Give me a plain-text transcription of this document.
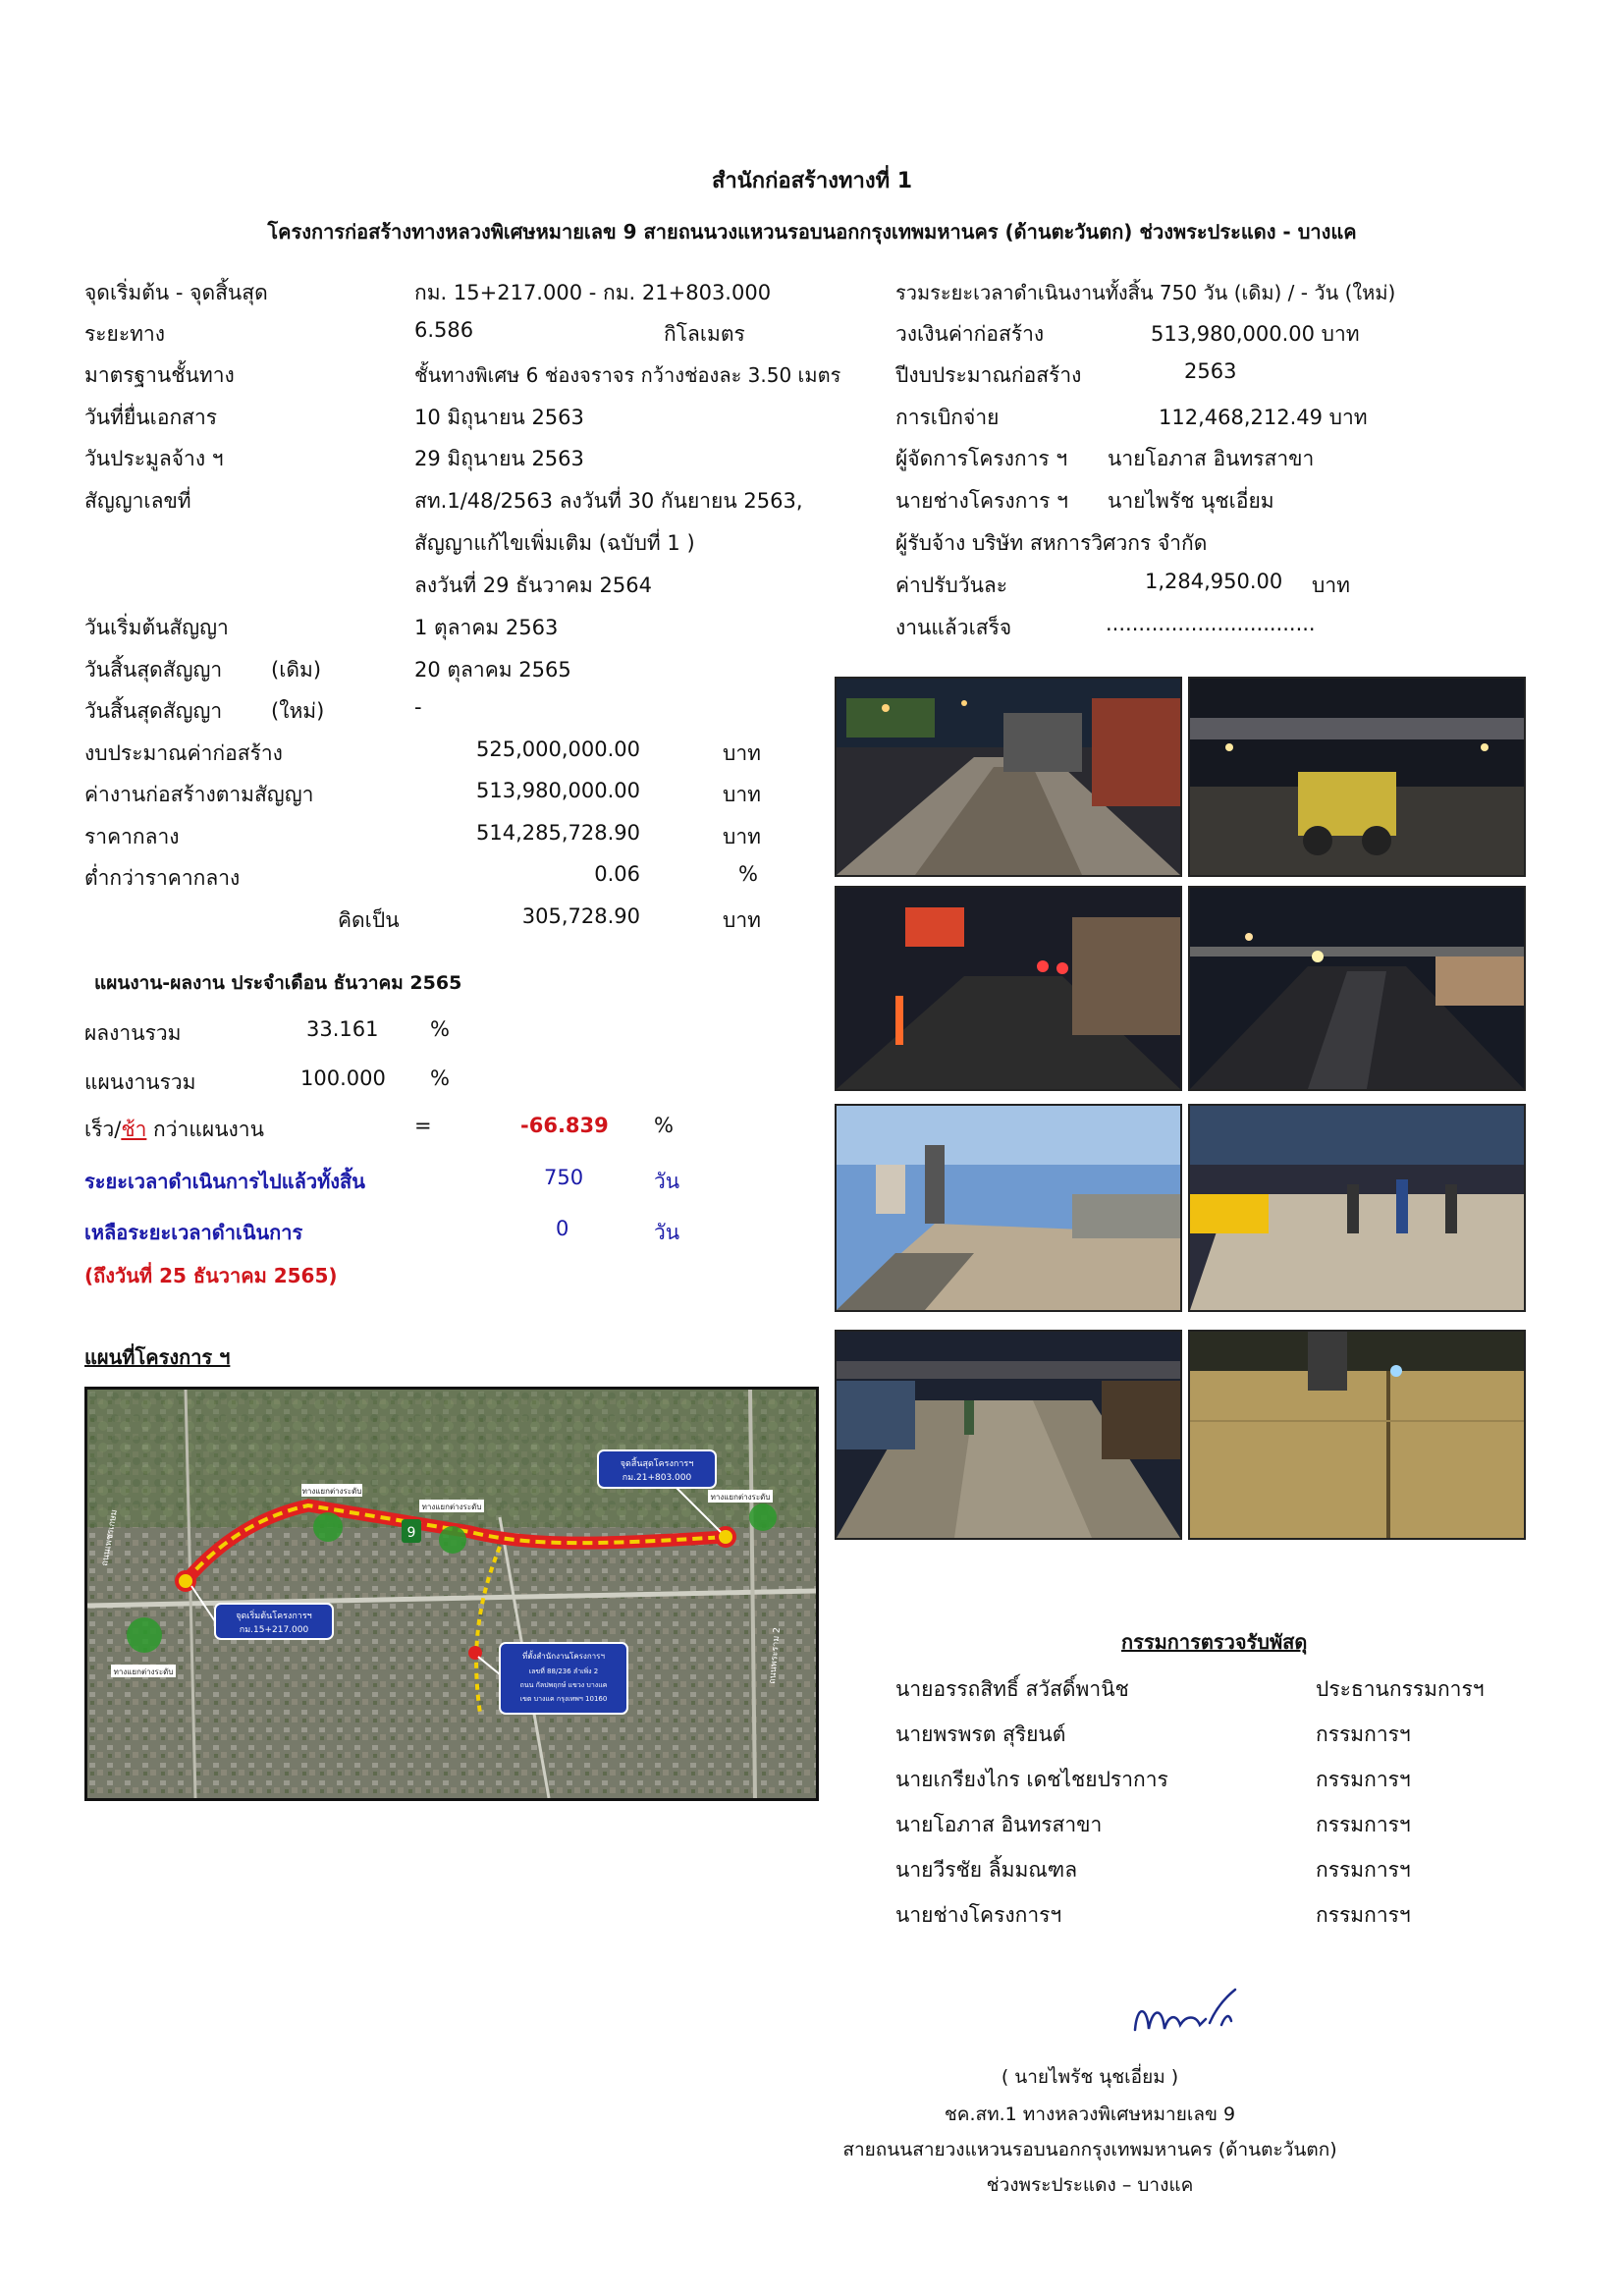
สำนักก่อสร้างทางที่ 1
โครงการก่อสร้างทางหลวงพิเศษหมายเลข 9 สายถนนวงแหวนรอบนอกกรุงเทพมหานคร (ด้านตะวันตก) ช่วงพระประแดง - บางแค
จุดเริ่มต้น - จุดสิ้นสุด	กม. 15+217.000 - กม. 21+803.000
ระยะทาง	6.586	กิโลเมตร
มาตรฐานชั้นทาง	ชั้นทางพิเศษ 6 ช่องจราจร กว้างช่องละ 3.50 เมตร
วันที่ยื่นเอกสาร	10 มิถุนายน 2563
วันประมูลจ้าง ฯ	29 มิถุนายน 2563
สัญญาเลขที่	สท.1/48/2563 ลงวันที่ 30 กันยายน 2563,
สัญญาแก้ไขเพิ่มเติม (ฉบับที่ 1 )
ลงวันที่ 29 ธันวาคม 2564
วันเริ่มต้นสัญญา	1 ตุลาคม 2563
วันสิ้นสุดสัญญา (เดิม)	20 ตุลาคม 2565
วันสิ้นสุดสัญญา (ใหม่)	-
งบประมาณค่าก่อสร้าง	525,000,000.00	บาท
ค่างานก่อสร้างตามสัญญา	513,980,000.00	บาท
ราคากลาง	514,285,728.90	บาท
ต่ำกว่าราคากลาง	0.06	%
คิดเป็น	305,728.90	บาท
รวมระยะเวลาดำเนินงานทั้งสิ้น 750 วัน (เดิม) / - วัน (ใหม่)
วงเงินค่าก่อสร้าง	513,980,000.00 บาท
ปีงบประมาณก่อสร้าง	2563
การเบิกจ่าย	112,468,212.49 บาท
ผู้จัดการโครงการ ฯ นายโอภาส อินทรสาขา
นายช่างโครงการ ฯ นายไพรัช นุชเอี่ยม
ผู้รับจ้าง บริษัท สหการวิศวกร จำกัด
ค่าปรับวันละ	1,284,950.00 บาท
งานแล้วเสร็จ	................................
แผนงาน-ผลงาน ประจำเดือน ธันวาคม 2565
ผลงานรวม	33.161	%
แผนงานรวม	100.000 %
เร็ว/ช้า กว่าแผนงาน	=	-66.839 %
ระยะเวลาดำเนินการไปแล้วทั้งสิ้น	750	วัน
เหลือระยะเวลาดำเนินการ	0	วัน
(ถึงวันที่ 25 ธันวาคม 2565)
แผนที่โครงการ ฯ
9
ทางแยกต่างระดับ
ทางแยกต่างระดับ
ทางแยกต่างระดับ
ทางแยกต่างระดับ
ถนนเพชรเกษม
ถนนพระราม 2
จุดเริ่มต้นโครงการฯ
กม.15+217.000
จุดสิ้นสุดโครงการฯ
กม.21+803.000
ที่ตั้งสำนักงานโครงการฯ
เลขที่ 88/236 ลำเพิ่ง 2
ถนน กัลปพฤกษ์ แขวง บางแค
เขต บางแค กรุงเทพฯ 10160
กรรมการตรวจรับพัสดุ
นายอรรถสิทธิ์ สวัสดิ์พานิช	ประธานกรรมการฯ
นายพรพรต สุริยนต์	กรรมการฯ
นายเกรียงไกร เดชไชยปราการ	กรรมการฯ
นายโอภาส อินทรสาขา	กรรมการฯ
นายวีรชัย ลิ้มมณฑล	กรรมการฯ
นายช่างโครงการฯ	กรรมการฯ
( นายไพรัช นุชเอี่ยม )
ชค.สท.1 ทางหลวงพิเศษหมายเลข 9
สายถนนสายวงแหวนรอบนอกกรุงเทพมหานคร (ด้านตะวันตก)
ช่วงพระประแดง – บางแค
